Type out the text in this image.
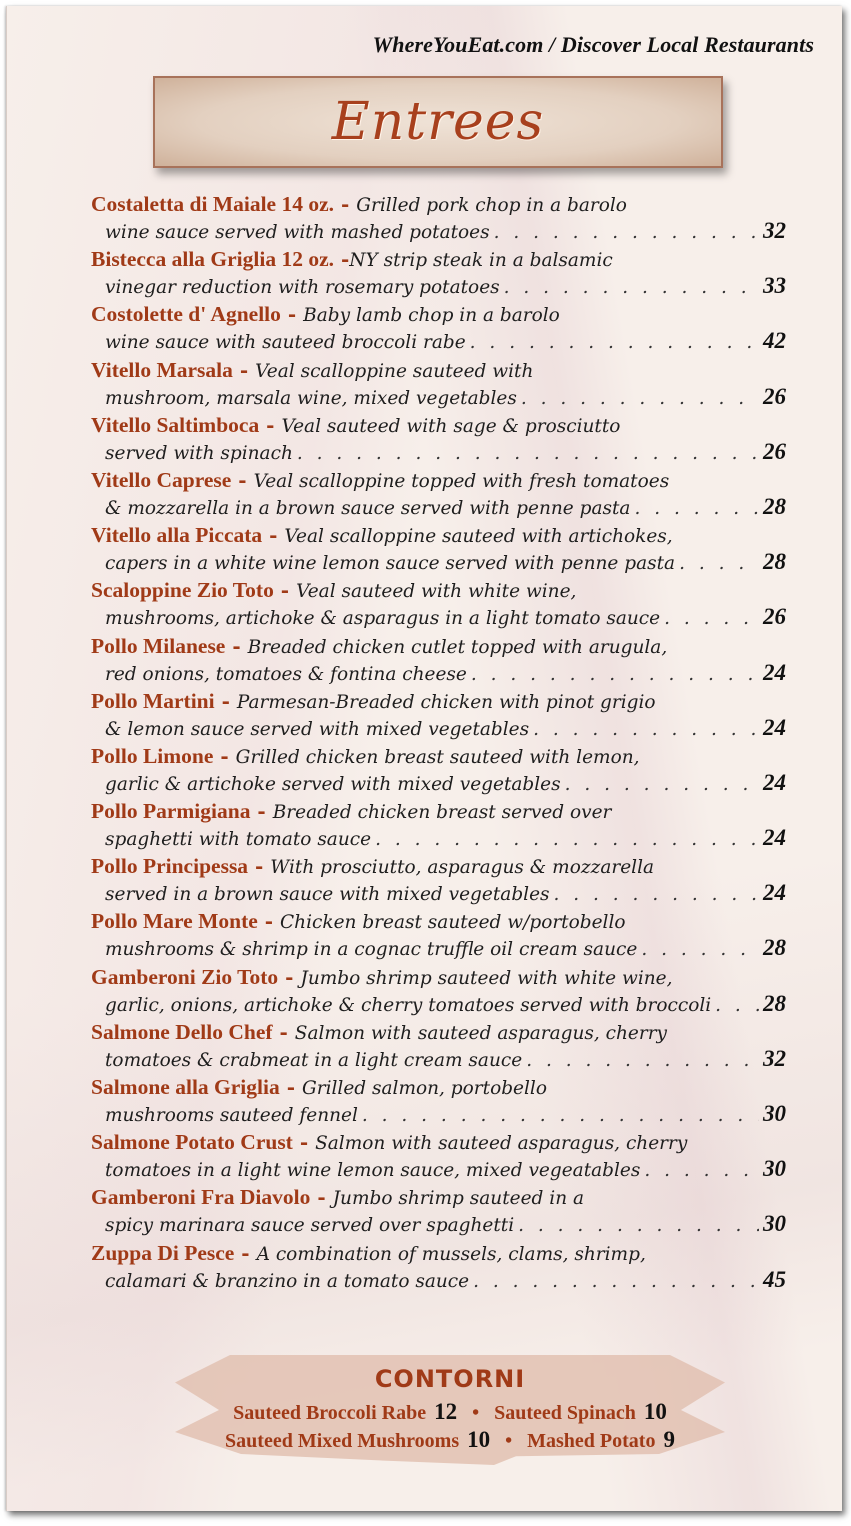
WhereYouEat.com / Discover Local Restaurants
Entrees
Costaletta di Maiale 14 oz. - Grilled pork chop in a barolo
wine sauce served with mashed potatoes . . .	32
Bistecca alla Griglia 12 oz. -NY strip steak in a balsamic
vinegar reduction with rosemary potatoes . . .	33
Costolette d' Agnello - Baby lamb chop in a barolo
wine sauce with sauteed broccoli rabe . . .	42
Vitello Marsala - Veal scalloppine sauteed with
mushroom, marsala wine, mixed vegetables . . .	26
Vitello Saltimboca - Veal sauteed with sage & prosciutto
served with spinach . . .	26
Vitello Caprese - Veal scalloppine topped with fresh tomatoes
& mozzarella in a brown sauce served with penne pasta . . .	28
Vitello alla Piccata - Veal scalloppine sauteed with artichokes,
capers in a white wine lemon sauce served with penne pasta . . .	28
Scaloppine Zio Toto - Veal sauteed with white wine,
mushrooms, artichoke & asparagus in a light tomato sauce . . .	26
Pollo Milanese - Breaded chicken cutlet topped with arugula,
red onions, tomatoes & fontina cheese . . .	24
Pollo Martini - Parmesan-Breaded chicken with pinot grigio
& lemon sauce served with mixed vegetables . . .	24
Pollo Limone - Grilled chicken breast sauteed with lemon,
garlic & artichoke served with mixed vegetables . . .	24
Pollo Parmigiana - Breaded chicken breast served over
spaghetti with tomato sauce . . .	24
Pollo Principessa - With prosciutto, asparagus & mozzarella
served in a brown sauce with mixed vegetables . . .	24
Pollo Mare Monte - Chicken breast sauteed w/portobello
mushrooms & shrimp in a cognac truffle oil cream sauce . . .	28
Gamberoni Zio Toto - Jumbo shrimp sauteed with white wine,
garlic, onions, artichoke & cherry tomatoes served with broccoli . . . 28
Salmone Dello Chef - Salmon with sauteed asparagus, cherry
tomatoes & crabmeat in a light cream sauce . . .	32
Salmone alla Griglia - Grilled salmon, portobello
mushrooms sauteed fennel . . .	30
Salmone Potato Crust - Salmon with sauteed asparagus, cherry
tomatoes in a light wine lemon sauce, mixed vegeatables . . .	30
Gamberoni Fra Diavolo - Jumbo shrimp sauteed in a
spicy marinara sauce served over spaghetti . . .	30
Zuppa Di Pesce - A combination of mussels, clams, shrimp,
calamari & branzino in a tomato sauce . . .	45
CONTORNI
Sauteed Broccoli Rabe 12 • Sauteed Spinach 10
Sauteed Mixed Mushrooms 10 • Mashed Potato 9
